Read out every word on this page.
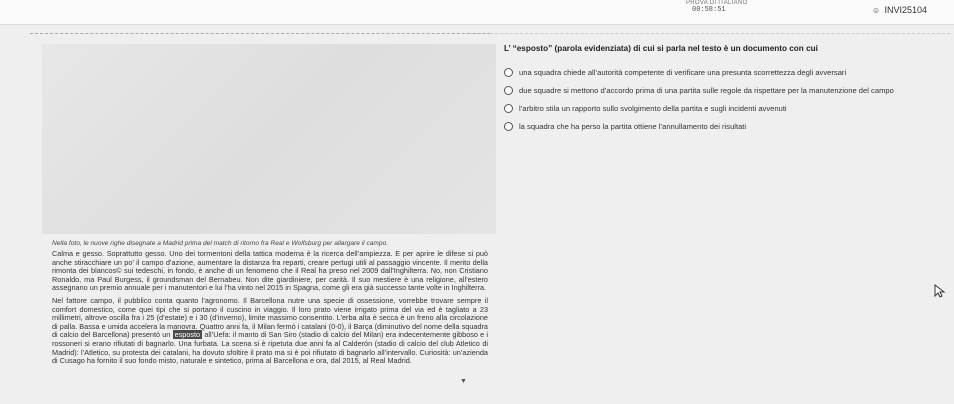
PROVA DI ITALIANO
00:58:51	☺ INVI25104
Nella foto, le nuove righe disegnate a Madrid prima del match di ritorno fra Real e Wolfsburg per allargare il campo.

Calma e gesso. Soprattutto gesso. Uno dei tormentoni della tattica moderna è la ricerca dell’ampiezza. E per aprire le difese si può anche stiracchiare un po’ il campo d’azione, aumentare la distanza fra reparti, creare pertugi utili al passaggio vincente. Il merito della rimonta dei blancos© sui tedeschi, in fondo, è anche di un fenomeno che il Real ha preso nel 2009 dall’Inghilterra. No, non Cristiano Ronaldo, ma Paul Burgess, il groundsman del Bernabeu. Non dite giardiniere, per carità. Il suo mestiere è una religione, all’estero assegnano un premio annuale per i manutentori e lui l’ha vinto nel 2015 in Spagna, come gli era già successo tante volte in Inghilterra.

Nel fattore campo, il pubblico conta quanto l’agronomo. Il Barcellona nutre una specie di ossessione, vorrebbe trovare sempre il comfort domestico, come quei tipi che si portano il cuscino in viaggio. Il loro prato viene irrigato prima del via ed è tagliato a 23 millimetri, altrove oscilla fra i 25 (d’estate) e i 30 (d’inverno), limite massimo consentito. L’erba alta è secca è un freno alla circolazione di palla. Bassa e umida accelera la manovra. Quattro anni fa, il Milan fermò i catalani (0-0), il Barça (diminutivo del nome della squadra di calcio del Barcellona) presentò un esposto all’Uefa: il manto di San Siro (stadio di calcio del Milan) era indecentemente gibboso e i rossoneri si erano rifiutati di bagnarlo. Una furbata. La scena si è ripetuta due anni fa al Calderón (stadio di calcio del club Atletico di Madrid): l’Atletico, su protesta dei catalani, ha dovuto sfoltire il prato ma si è poi rifiutato di bagnarlo all’intervallo. Curiosità: un’azienda di Cusago ha fornito il suo fondo misto, naturale e sintetico, prima al Barcellona e ora, dal 2015, al Real Madrid.

▼

L’ “esposto” (parola evidenziata) di cui si parla nel testo è un documento con cui

una squadra chiede all’autorità competente di verificare una presunta scorrettezza degli avversari
due squadre si mettono d’accordo prima di una partita sulle regole da rispettare per la manutenzione del campo
l’arbitro stila un rapporto sullo svolgimento della partita e sugli incidenti avvenuti
la squadra che ha perso la partita ottiene l’annullamento dei risultati
